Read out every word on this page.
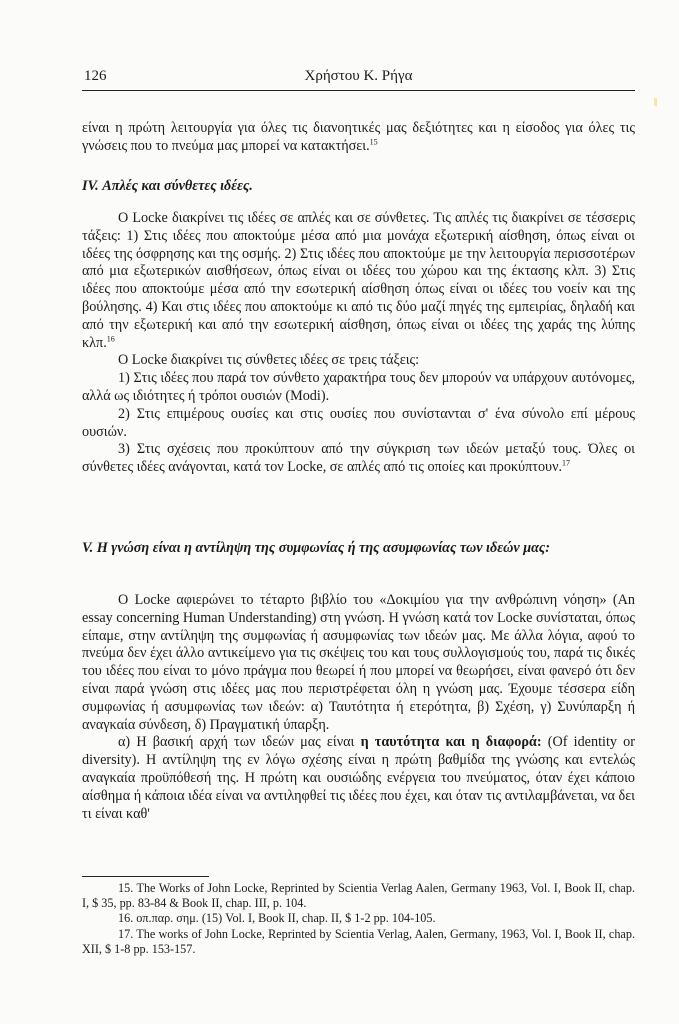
126	Χρήστου Κ. Ρήγα

είναι η πρώτη λειτουργία για όλες τις διανοητικές μας δεξιότητες και η είσοδος για όλες τις γνώσεις που το πνεύμα μας μπορεί να κατακτήσει.$^{15}$

IV. Απλές και σύνθετες ιδέες.

Ο Locke διακρίνει τις ιδέες σε απλές και σε σύνθετες. Τις απλές τις διακρίνει σε τέσσερις τάξεις: 1) Στις ιδέες που αποκτούμε μέσα από μια μονάχα εξωτερική αίσθηση, όπως είναι οι ιδέες της όσφρησης και της οσμής. 2) Στις ιδέες που αποκτούμε με την λειτουργία περισσοτέρων από μια εξωτερικών αισθήσεων, όπως είναι οι ιδέες του χώρου και της έκτασης κλπ. 3) Στις ιδέες που αποκτούμε μέσα από την εσωτερική αίσθηση όπως είναι οι ιδέες του νοείν και της βούλησης. 4) Και στις ιδέες που αποκτούμε κι από τις δύο μαζί πηγές της εμπειρίας, δηλαδή και από την εξωτερική και από την εσωτερική αίσθηση, όπως είναι οι ιδέες της χαράς της λύπης κλπ.$^{16}$

Ο Locke διακρίνει τις σύνθετες ιδέες σε τρεις τάξεις:

1) Στις ιδέες που παρά τον σύνθετο χαρακτήρα τους δεν μπορούν να υπάρχουν αυτόνομες, αλλά ως ιδιότητες ή τρόποι ουσιών (Modi).

2) Στις επιμέρους ουσίες και στις ουσίες που συνίστανται σ' ένα σύνολο επί μέρους ουσιών.

3) Στις σχέσεις που προκύπτουν από την σύγκριση των ιδεών μεταξύ τους. Όλες οι σύνθετες ιδέες ανάγονται, κατά τον Locke, σε απλές από τις οποίες και προκύπτουν.$^{17}$

V. Η γνώση είναι η αντίληψη της συμφωνίας ή της ασυμφωνίας των ιδεών μας:

Ο Locke αφιερώνει το τέταρτο βιβλίο του «Δοκιμίου για την ανθρώπινη νόηση» (An essay concerning Human Understanding) στη γνώση. Η γνώση κατά τον Locke συνίσταται, όπως είπαμε, στην αντίληψη της συμφωνίας ή ασυμφωνίας των ιδεών μας. Με άλλα λόγια, αφού το πνεύμα δεν έχει άλλο αντικείμενο για τις σκέψεις του και τους συλλογισμούς του, παρά τις δικές του ιδέες που είναι το μόνο πράγμα που θεωρεί ή που μπορεί να θεωρήσει, είναι φανερό ότι δεν είναι παρά γνώση στις ιδέες μας που περιστρέφεται όλη η γνώση μας. Έχουμε τέσσερα είδη συμφωνίας ή ασυμφωνίας των ιδεών: α) Ταυτότητα ή ετερότητα, β) Σχέση, γ) Συνύπαρξη ή αναγκαία σύνδεση, δ) Πραγματική ύπαρξη.

α) Η βασική αρχή των ιδεών μας είναι η ταυτότητα και η διαφορά: (Of identity or diversity). Η αντίληψη της εν λόγω σχέσης είναι η πρώτη βαθμίδα της γνώσης και εντελώς αναγκαία προϋπόθεσή της. Η πρώτη και ουσιώδης ενέργεια του πνεύματος, όταν έχει κάποιο αίσθημα ή κάποια ιδέα είναι να αντιληφθεί τις ιδέες που έχει, και όταν τις αντιλαμβάνεται, να δει τι είναι καθ'

15. The Works of John Locke, Reprinted by Scientia Verlag Aalen, Germany 1963, Vol. I, Book II, chap. I, $ 35, pp. 83-84 & Book II, chap. III, p. 104.

16. οπ.παρ. σημ. (15) Vol. I, Book II, chap. II, $ 1-2 pp. 104-105.

17. The works of John Locke, Reprinted by Scientia Verlag, Aalen, Germany, 1963, Vol. I, Book II, chap. XII, $ 1-8 pp. 153-157.
